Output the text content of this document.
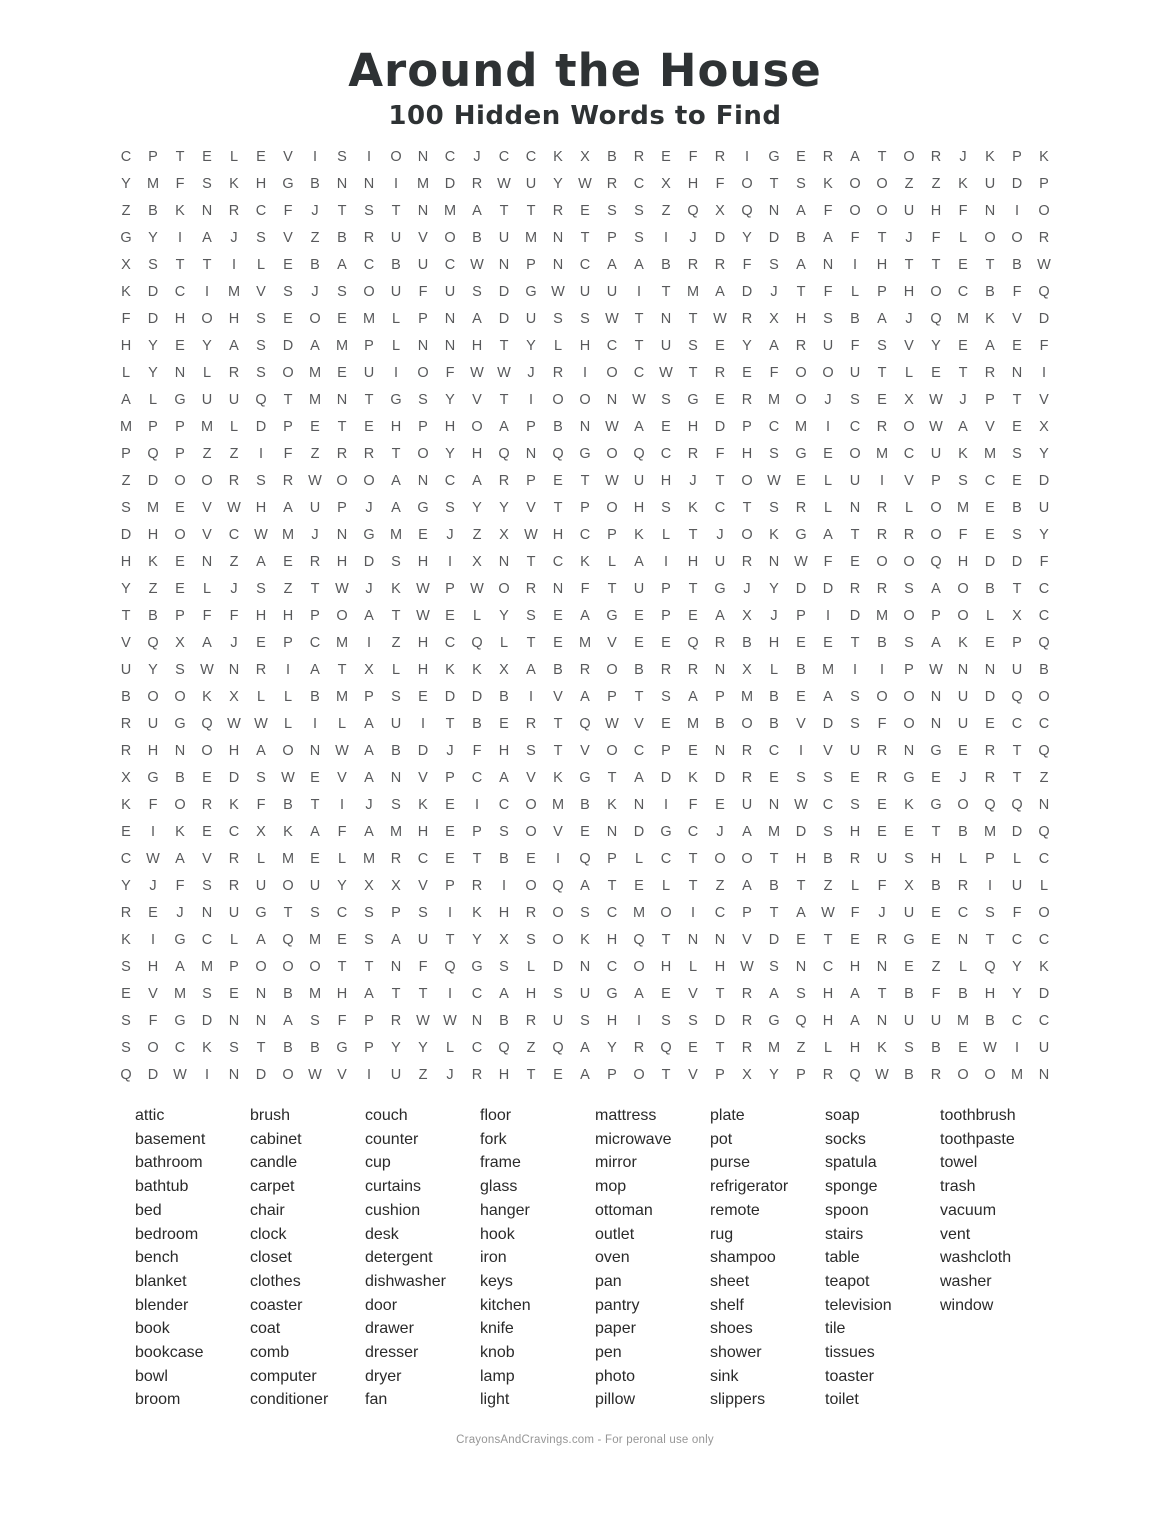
Around the House
100 Hidden Words to Find
C	P	T	E	L	E	V	I	S	I	O	N	C	J	C	C	K	X	B	R	E	F	R	I	G	E	R	A	T	O	R	J	K	P	K
Y	M	F	S	K	H	G	B	N	N	I	M	D	R	W	U	Y	W	R	C	X	H	F	O	T	S	K	O	O	Z	Z	K	U	D	P
Z	B	K	N	R	C	F	J	T	S	T	N	M	A	T	T	R	E	S	S	Z	Q	X	Q	N	A	F	O	O	U	H	F	N	I	O
G	Y	I	A	J	S	V	Z	B	R	U	V	O	B	U	M	N	T	P	S	I	J	D	Y	D	B	A	F	T	J	F	L	O	O	R
X	S	T	T	I	L	E	B	A	C	B	U	C	W	N	P	N	C	A	A	B	R	R	F	S	A	N	I	H	T	T	E	T	B	W
K	D	C	I	M	V	S	J	S	O	U	F	U	S	D	G	W	U	U	I	T	M	A	D	J	T	F	L	P	H	O	C	B	F	Q
F	D	H	O	H	S	E	O	E	M	L	P	N	A	D	U	S	S	W	T	N	T	W	R	X	H	S	B	A	J	Q	M	K	V	D
H	Y	E	Y	A	S	D	A	M	P	L	N	N	H	T	Y	L	H	C	T	U	S	E	Y	A	R	U	F	S	V	Y	E	A	E	F
L	Y	N	L	R	S	O	M	E	U	I	O	F	W W	J	R	I	O	C	W	T	R	E	F	O	O	U	T	L	E	T	R	N	I
A	L	G	U	U	Q	T	M	N	T	G	S	Y	V	T	I	O	O	N	W	S	G	E	R	M	O	J	S	E	X	W	J	P	T	V
M	P	P	M	L	D	P	E	T	E	H	P	H	O	A	P	B	N	W	A	E	H	D	P	C	M	I	C	R	O	W	A	V	E	X
P	Q	P	Z	Z	I	F	Z	R	R	T	O	Y	H	Q	N	Q	G	O	Q	C	R	F	H	S	G	E	O	M	C	U	K	M	S	Y
Z	D	O	O	R	S	R	W	O	O	A	N	C	A	R	P	E	T	W	U	H	J	T	O	W	E	L	U	I	V	P	S	C	E	D
S	M	E	V	W	H	A	U	P	J	A	G	S	Y	Y	V	T	P	O	H	S	K	C	T	S	R	L	N	R	L	O	M	E	B	U
D	H	O	V	C	W M	J	N	G	M	E	J	Z	X	W	H	C	P	K	L	T	J	O	K	G	A	T	R	R	O	F	E	S	Y
H	K	E	N	Z	A	E	R	H	D	S	H	I	X	N	T	C	K	L	A	I	H	U	R	N	W	F	E	O	O	Q	H	D	D	F
Y	Z	E	L	J	S	Z	T	W	J	K	W	P	W	O	R	N	F	T	U	P	T	G	J	Y	D	D	R	R	S	A	O	B	T	C
T	B	P	F	F	H	H	P	O	A	T	W	E	L	Y	S	E	A	G	E	P	E	A	X	J	P	I	D	M	O	P	O	L	X	C
V	Q	X	A	J	E	P	C	M	I	Z	H	C	Q	L	T	E	M	V	E	E	Q	R	B	H	E	E	T	B	S	A	K	E	P	Q
U	Y	S	W	N	R	I	A	T	X	L	H	K	K	X	A	B	R	O	B	R	R	N	X	L	B	M	I	I	P	W	N	N	U	B
B	O	O	K	X	L	L	B	M	P	S	E	D	D	B	I	V	A	P	T	S	A	P	M	B	E	A	S	O	O	N	U	D	Q	O
R	U	G	Q	W W	L	I	L	A	U	I	T	B	E	R	T	Q	W	V	E	M	B	O	B	V	D	S	F	O	N	U	E	C	C
R	H	N	O	H	A	O	N	W	A	B	D	J	F	H	S	T	V	O	C	P	E	N	R	C	I	V	U	R	N	G	E	R	T	Q
X	G	B	E	D	S	W	E	V	A	N	V	P	C	A	V	K	G	T	A	D	K	D	R	E	S	S	E	R	G	E	J	R	T	Z
K	F	O	R	K	F	B	T	I	J	S	K	E	I	C	O	M	B	K	N	I	F	E	U	N	W	C	S	E	K	G	O	Q	Q	N
E	I	K	E	C	X	K	A	F	A	M	H	E	P	S	O	V	E	N	D	G	C	J	A	M	D	S	H	E	E	T	B	M	D	Q
C	W	A	V	R	L	M	E	L	M	R	C	E	T	B	E	I	Q	P	L	C	T	O	O	T	H	B	R	U	S	H	L	P	L	C
Y	J	F	S	R	U	O	U	Y	X	X	V	P	R	I	O	Q	A	T	E	L	T	Z	A	B	T	Z	L	F	X	B	R	I	U	L
R	E	J	N	U	G	T	S	C	S	P	S	I	K	H	R	O	S	C	M	O	I	C	P	T	A	W	F	J	U	E	C	S	F	O
K	I	G	C	L	A	Q	M	E	S	A	U	T	Y	X	S	O	K	H	Q	T	N	N	V	D	E	T	E	R	G	E	N	T	C	C
S	H	A	M	P	O	O	O	T	T	N	F	Q	G	S	L	D	N	C	O	H	L	H	W	S	N	C	H	N	E	Z	L	Q	Y	K
E	V	M	S	E	N	B	M	H	A	T	T	I	C	A	H	S	U	G	A	E	V	T	R	A	S	H	A	T	B	F	B	H	Y	D
S	F	G	D	N	N	A	S	F	P	R	W W	N	B	R	U	S	H	I	S	S	D	R	G	Q	H	A	N	U	U	M	B	C	C
S	O	C	K	S	T	B	B	G	P	Y	Y	L	C	Q	Z	Q	A	Y	R	Q	E	T	R	M	Z	L	H	K	S	B	E	W	I	U
Q	D	W	I	N	D	O	W	V	I	U	Z	J	R	H	T	E	A	P	O	T	V	P	X	Y	P	R	Q	W	B	R	O	O	M	N
attic
basement
bathroom
bathtub
bed
bedroom
bench
blanket
blender
book
bookcase
bowl
broom
brush
cabinet
candle
carpet
chair
clock
closet
clothes
coaster
coat
comb
computer
conditioner
couch
counter
cup
curtains
cushion
desk
detergent
dishwasher
door
drawer
dresser
dryer
fan
floor
fork
frame
glass
hanger
hook
iron
keys
kitchen
knife
knob
lamp
light
mattress
microwave
mirror
mop
ottoman
outlet
oven
pan
pantry
paper
pen
photo
pillow
plate
pot
purse
refrigerator
remote
rug
shampoo
sheet
shelf
shoes
shower
sink
slippers
soap
socks
spatula
sponge
spoon
stairs
table
teapot
television
tile
tissues
toaster
toilet
toothbrush
toothpaste
towel
trash
vacuum
vent
washcloth
washer
window
CrayonsAndCravings.com - For peronal use only
